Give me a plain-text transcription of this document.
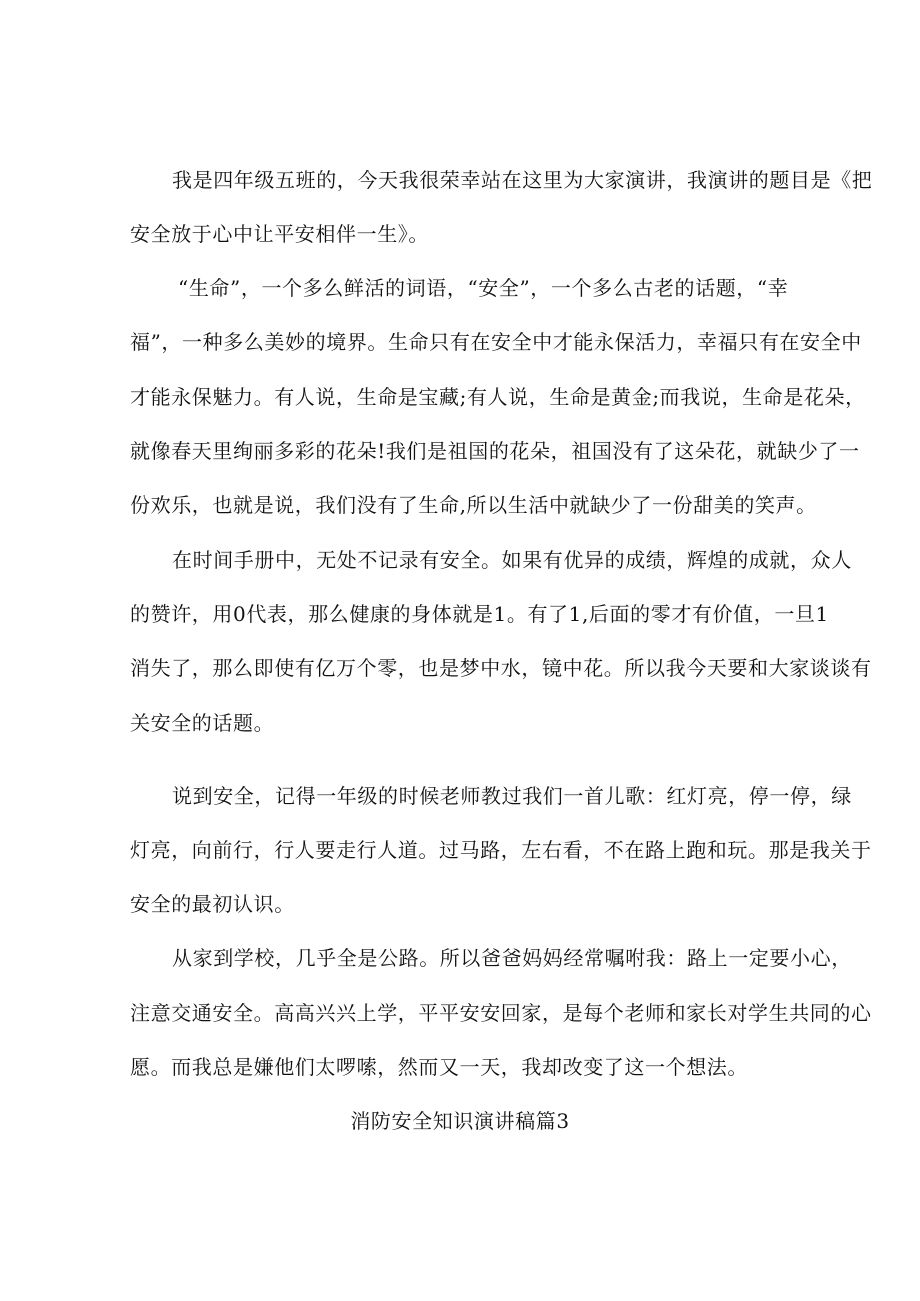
我是四年级五班的，今天我很荣幸站在这里为大家演讲，我演讲的题目是《把
安全放于心中让平安相伴一生》。
“生命”，一个多么鲜活的词语，“安全”，一个多么古老的话题，“幸
福”，一种多么美妙的境界。生命只有在安全中才能永保活力，幸福只有在安全中
才能永保魅力。有人说，生命是宝藏;有人说，生命是黄金;而我说，生命是花朵，
就像春天里绚丽多彩的花朵!我们是祖国的花朵，祖国没有了这朵花，就缺少了一
份欢乐，也就是说，我们没有了生命,所以生活中就缺少了一份甜美的笑声。
在时间手册中，无处不记录有安全。如果有优异的成绩，辉煌的成就，众人
的赞许，用0代表，那么健康的身体就是1。有了1,后面的零才有价值，一旦1
消失了，那么即使有亿万个零，也是梦中水，镜中花。所以我今天要和大家谈谈有
关安全的话题。
说到安全，记得一年级的时候老师教过我们一首儿歌：红灯亮，停一停，绿
灯亮，向前行，行人要走行人道。过马路，左右看，不在路上跑和玩。那是我关于
安全的最初认识。
从家到学校，几乎全是公路。所以爸爸妈妈经常嘱咐我：路上一定要小心，
注意交通安全。高高兴兴上学，平平安安回家，是每个老师和家长对学生共同的心
愿。而我总是嫌他们太啰嗦，然而又一天，我却改变了这一个想法。
消防安全知识演讲稿篇3
